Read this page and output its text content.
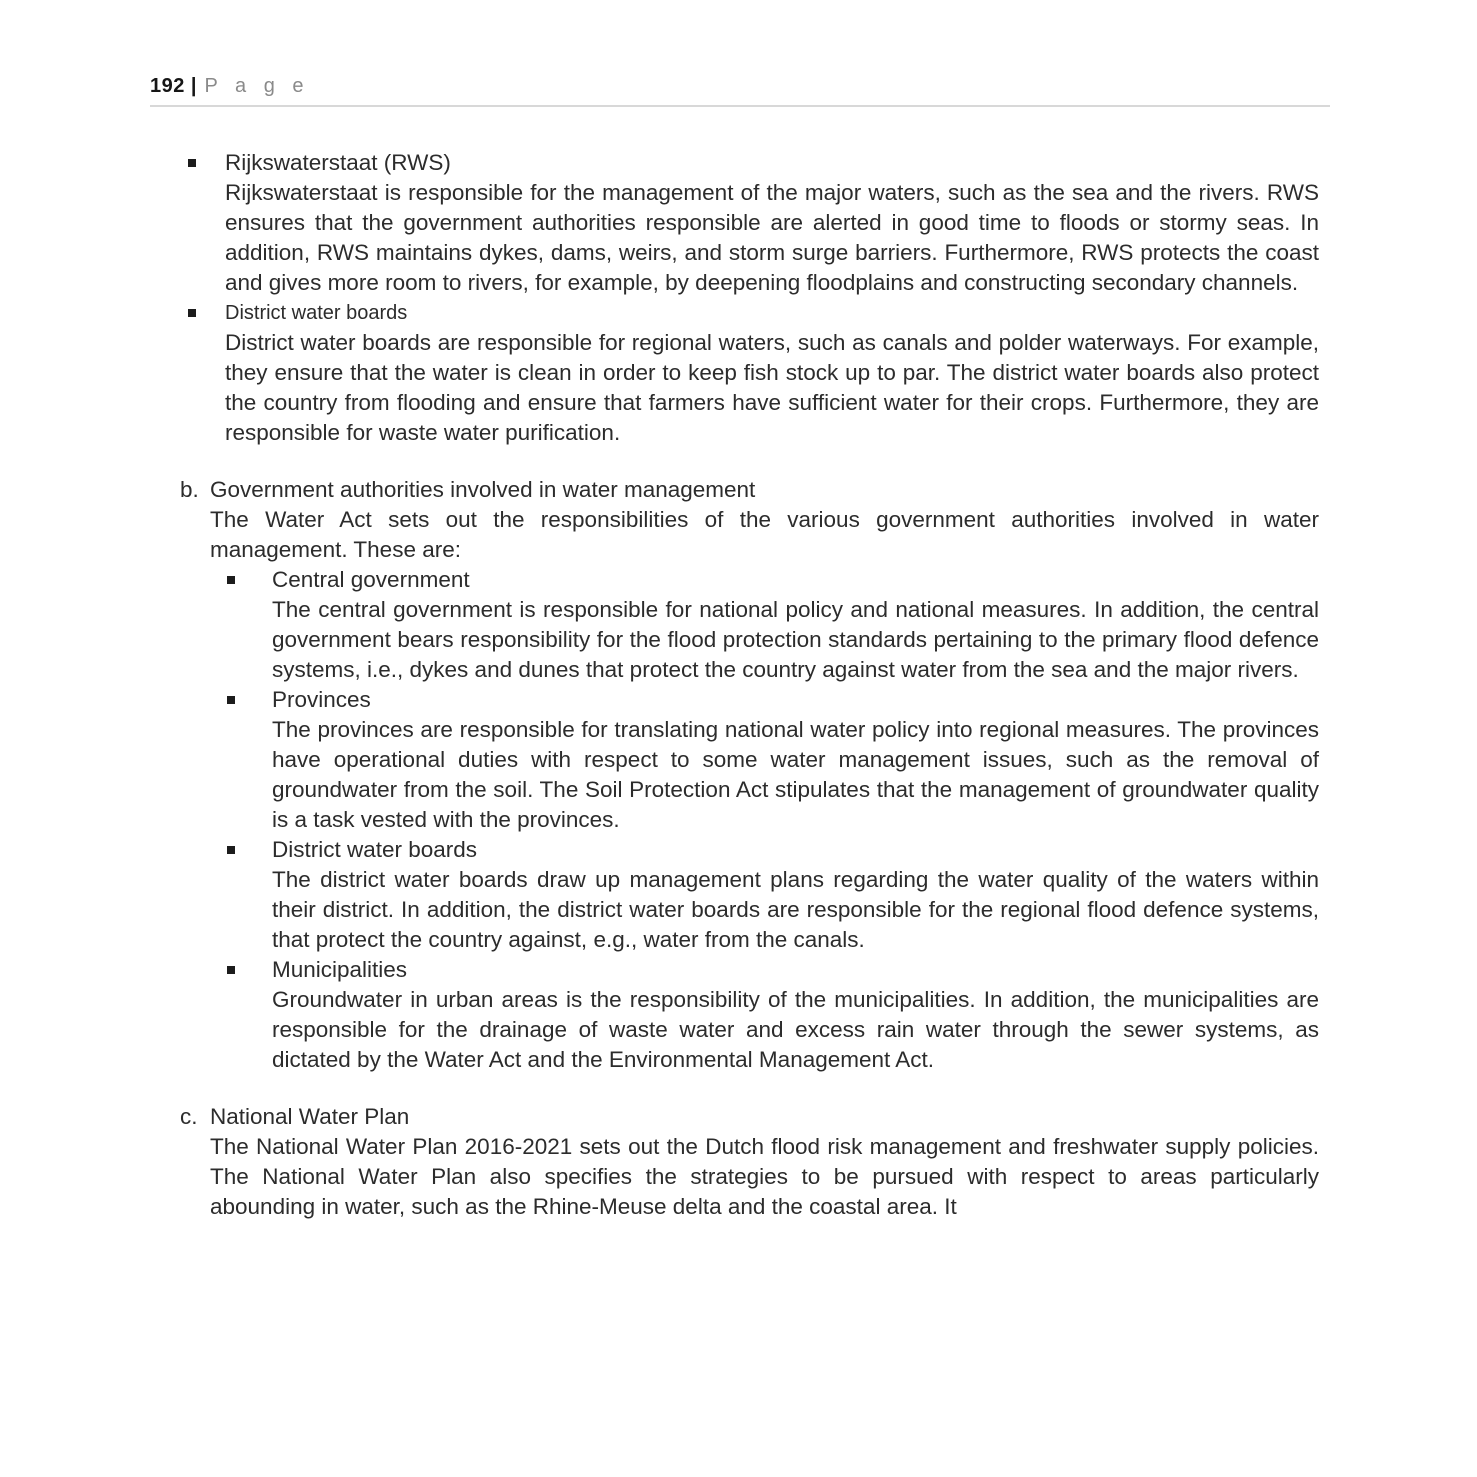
192 | P a g e
Rijkswaterstaat (RWS)
Rijkswaterstaat is responsible for the management of the major waters, such as the sea and the rivers. RWS ensures that the government authorities responsible are alerted in good time to floods or stormy seas. In addition, RWS maintains dykes, dams, weirs, and storm surge barriers. Furthermore, RWS protects the coast and gives more room to rivers, for example, by deepening floodplains and constructing secondary channels.
District water boards
District water boards are responsible for regional waters, such as canals and polder waterways. For example, they ensure that the water is clean in order to keep fish stock up to par. The district water boards also protect the country from flooding and ensure that farmers have sufficient water for their crops. Furthermore, they are responsible for waste water purification.
b. Government authorities involved in water management
The Water Act sets out the responsibilities of the various government authorities involved in water management. These are:
Central government
The central government is responsible for national policy and national measures. In addition, the central government bears responsibility for the flood protection standards pertaining to the primary flood defence systems, i.e., dykes and dunes that protect the country against water from the sea and the major rivers.
Provinces
The provinces are responsible for translating national water policy into regional measures. The provinces have operational duties with respect to some water management issues, such as the removal of groundwater from the soil. The Soil Protection Act stipulates that the management of groundwater quality is a task vested with the provinces.
District water boards
The district water boards draw up management plans regarding the water quality of the waters within their district. In addition, the district water boards are responsible for the regional flood defence systems, that protect the country against, e.g., water from the canals.
Municipalities
Groundwater in urban areas is the responsibility of the municipalities. In addition, the municipalities are responsible for the drainage of waste water and excess rain water through the sewer systems, as dictated by the Water Act and the Environmental Management Act.
c. National Water Plan
The National Water Plan 2016-2021 sets out the Dutch flood risk management and freshwater supply policies. The National Water Plan also specifies the strategies to be pursued with respect to areas particularly abounding in water, such as the Rhine-Meuse delta and the coastal area. It
